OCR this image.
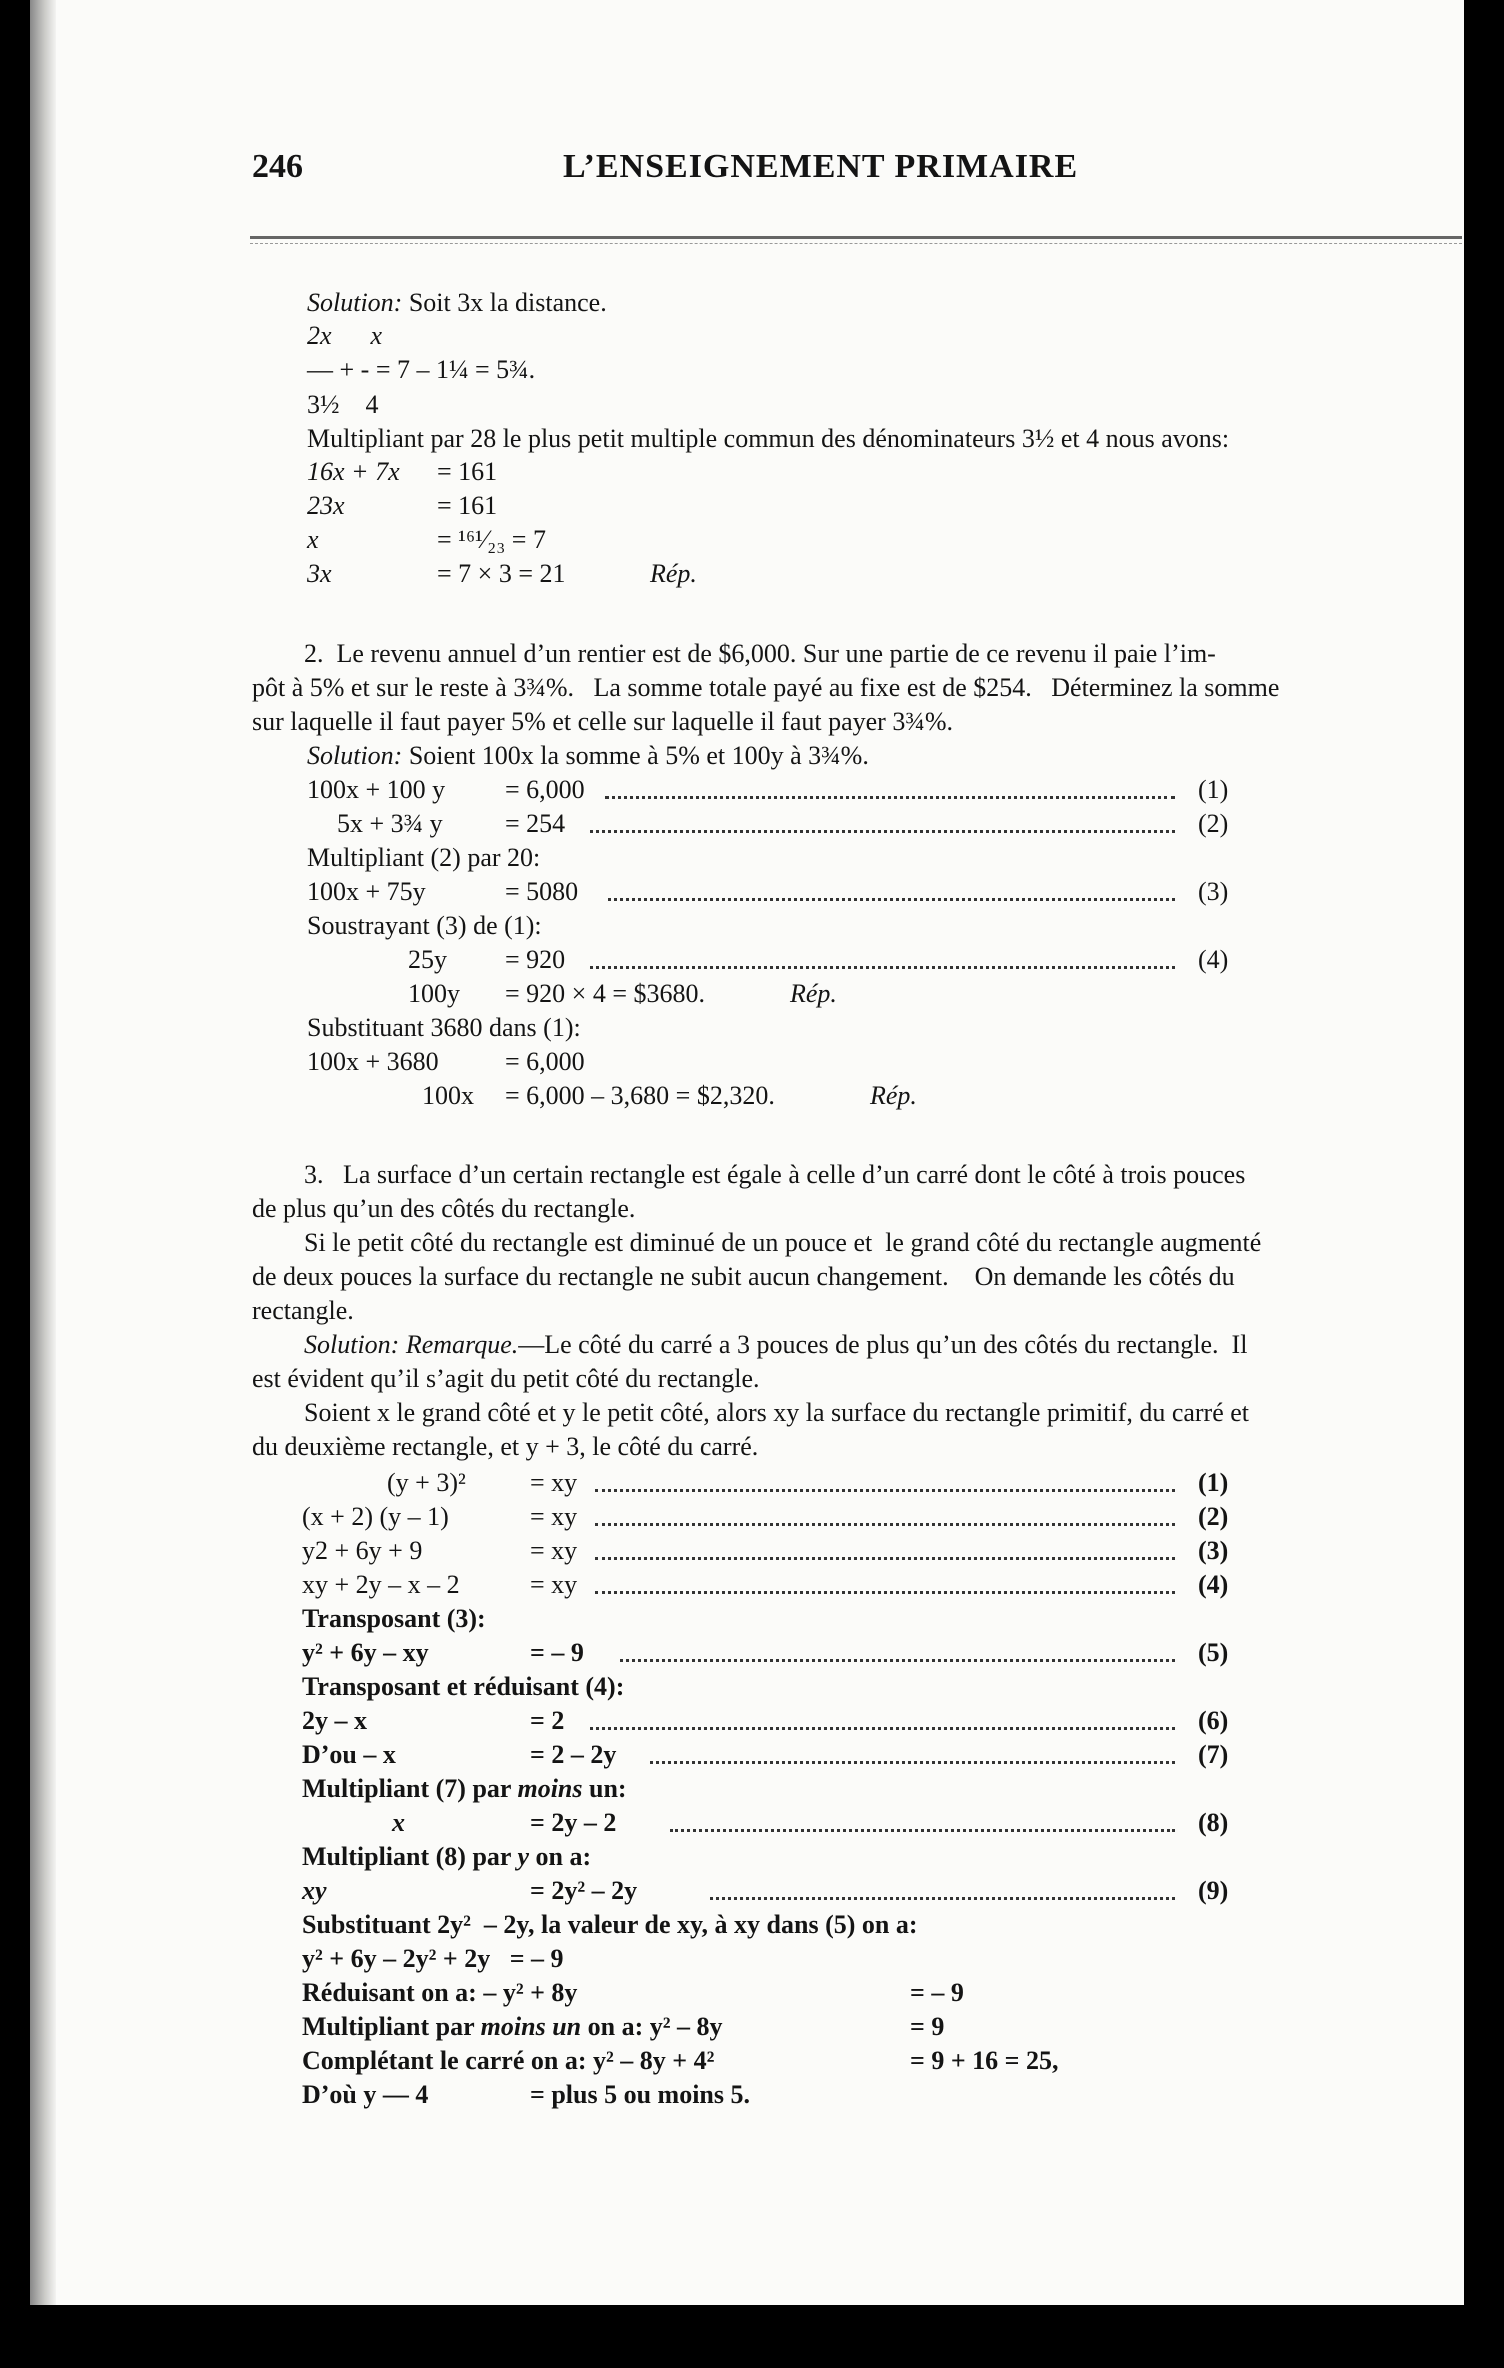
246	L’ENSEIGNEMENT PRIMAIRE
Solution: Soit 3x la distance.
2x      x
— + - = 7 – 1¼ = 5¾.
3½    4
Multipliant par 28 le plus petit multiple commun des dénominateurs 3½ et 4 nous avons:
16x + 7x = 161
23x	= 161
x	= ¹⁶¹⁄₂₃ = 7
3x	= 7 × 3 = 21	Rép.
2.  Le revenu annuel d’un rentier est de $6,000. Sur une partie de ce revenu il paie l’im-
pôt à 5% et sur le reste à 3¾%.   La somme totale payé au fixe est de $254.   Déterminez la somme
sur laquelle il faut payer 5% et celle sur laquelle il faut payer 3¾%.
Solution: Soient 100x la somme à 5% et 100y à 3¾%.
100x + 100 y = 6,000	(1)
5x + 3¾ y = 254	(2)
Multipliant (2) par 20:
100x + 75y	= 5080	(3)
Soustrayant (3) de (1):
25y = 920	(4)
100y = 920 × 4 = $3680.	Rép.
Substituant 3680 dans (1):
100x + 3680	= 6,000
100x = 6,000 – 3,680 = $2,320.	Rép.
3.   La surface d’un certain rectangle est égale à celle d’un carré dont le côté à trois pouces
de plus qu’un des côtés du rectangle.
Si le petit côté du rectangle est diminué de un pouce et  le grand côté du rectangle augmenté
de deux pouces la surface du rectangle ne subit aucun changement.    On demande les côtés du
rectangle.
Solution: Remarque.—Le côté du carré a 3 pouces de plus qu’un des côtés du rectangle.  Il
est évident qu’il s’agit du petit côté du rectangle.
Soient x le grand côté et y le petit côté, alors xy la surface du rectangle primitif, du carré et
du deuxième rectangle, et y + 3, le côté du carré.
(y + 3)² = xy	(1)
(x + 2) (y – 1)	= xy	(2)
y2 + 6y + 9	= xy	(3)
xy + 2y – x – 2	= xy	(4)
Transposant (3):
y² + 6y – xy	= – 9	(5)
Transposant et réduisant (4):
2y – x	= 2	(6)
D’ou – x	= 2 – 2y	(7)
Multipliant (7) par moins un:
x	= 2y – 2	(8)
Multipliant (8) par y on a:
xy	= 2y² – 2y	(9)
Substituant 2y²  – 2y, la valeur de xy, à xy dans (5) on a:
y² + 6y – 2y² + 2y   = – 9
Réduisant on a: – y² + 8y	= – 9
Multipliant par moins un on a: y² – 8y	= 9
Complétant le carré on a: y² – 8y + 4²	= 9 + 16 = 25,
D’où y — 4	= plus 5 ou moins 5.
